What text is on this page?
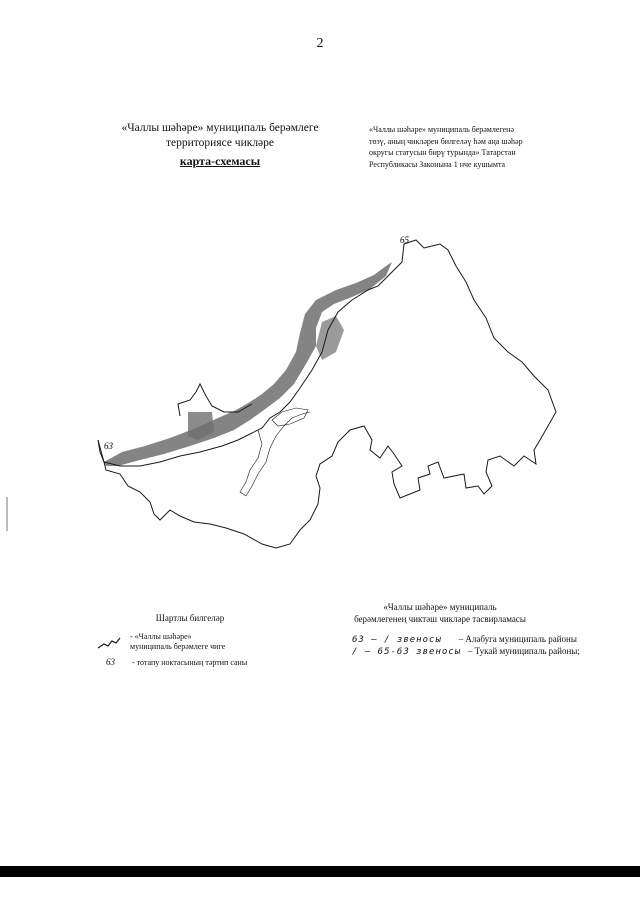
2
«Чаллы шәһәре» муниципаль берәмлеге
территориясе чикләре
карта-схемасы
«Чаллы шәһәре» муниципаль берәмлегенә
төзү, аның чикләрен билгеләү һәм аңа шәһәр
округы статусын бирү турында» Татарстан
Республикасы Законына 1 нче кушымта
65
63
Шартлы билгеләр
- «Чаллы шәһәре»
муниципаль берәмлеге чиге
63 - тотапу ноктасының тәртип саны
«Чаллы шәһәре» муниципаль
берәмлегенең чиктәш чикләре тасвирламасы
63 – / звеносы – Алабуга муниципаль районы
/ – 65-63 звеносы – Тукай муниципаль районы;
